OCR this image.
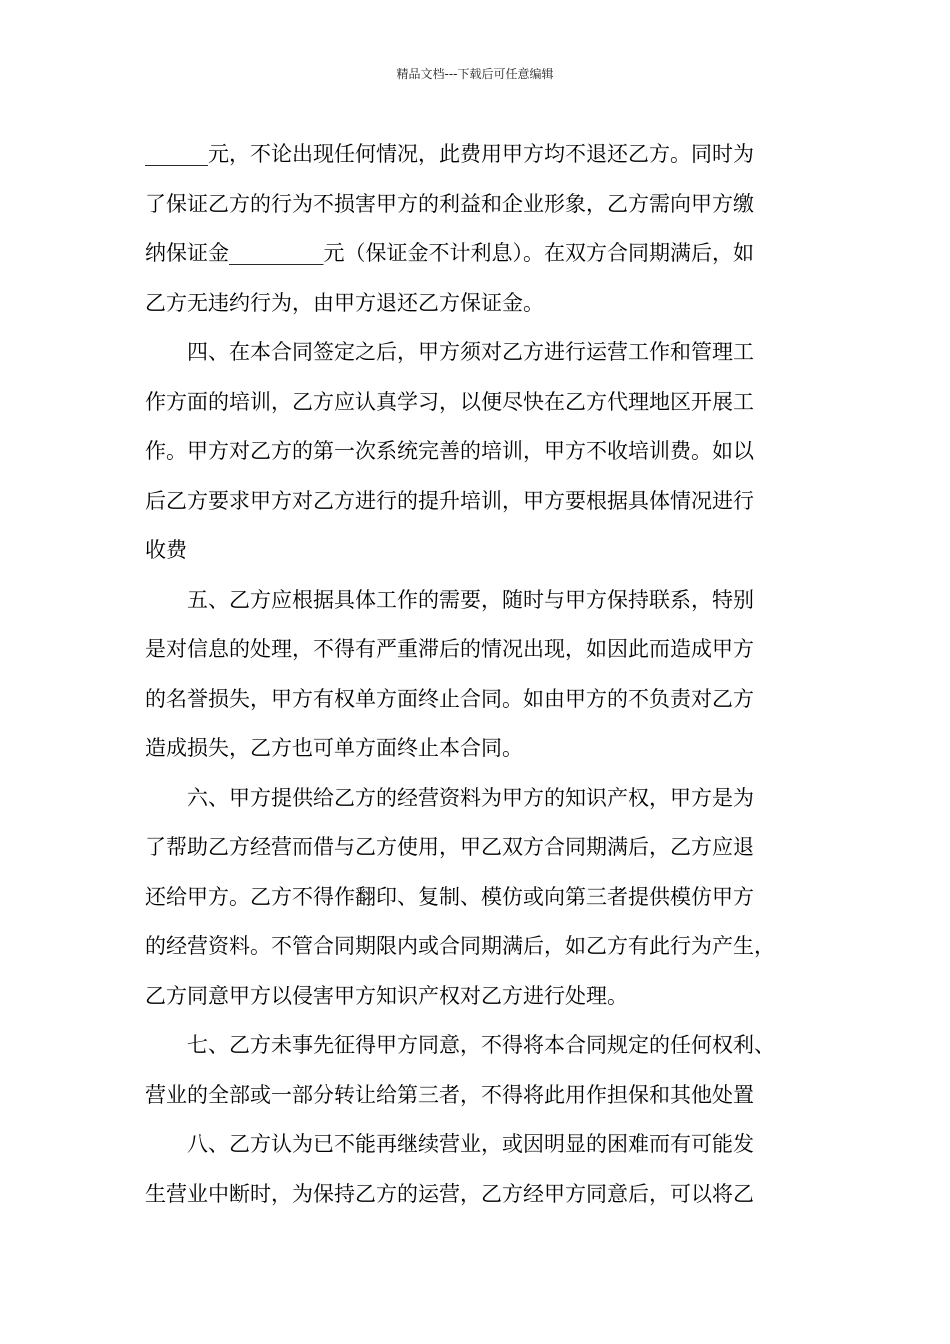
精品文档---下载后可任意编辑
______元，不论出现任何情况，此费用甲方均不退还乙方。同时为
了保证乙方的行为不损害甲方的利益和企业形象，乙方需向甲方缴
纳保证金_________元（保证金不计利息）。在双方合同期满后，如
乙方无违约行为，由甲方退还乙方保证金。
四、在本合同签定之后，甲方须对乙方进行运营工作和管理工
作方面的培训，乙方应认真学习，以便尽快在乙方代理地区开展工
作。甲方对乙方的第一次系统完善的培训，甲方不收培训费。如以
后乙方要求甲方对乙方进行的提升培训，甲方要根据具体情况进行
收费
五、乙方应根据具体工作的需要，随时与甲方保持联系，特别
是对信息的处理，不得有严重滞后的情况出现，如因此而造成甲方
的名誉损失，甲方有权单方面终止合同。如由甲方的不负责对乙方
造成损失，乙方也可单方面终止本合同。
六、甲方提供给乙方的经营资料为甲方的知识产权，甲方是为
了帮助乙方经营而借与乙方使用，甲乙双方合同期满后，乙方应退
还给甲方。乙方不得作翻印、复制、模仿或向第三者提供模仿甲方
的经营资料。不管合同期限内或合同期满后，如乙方有此行为产生，
乙方同意甲方以侵害甲方知识产权对乙方进行处理。
七、乙方未事先征得甲方同意，不得将本合同规定的任何权利、
营业的全部或一部分转让给第三者，不得将此用作担保和其他处置
八、乙方认为已不能再继续营业，或因明显的困难而有可能发
生营业中断时，为保持乙方的运营，乙方经甲方同意后，可以将乙
